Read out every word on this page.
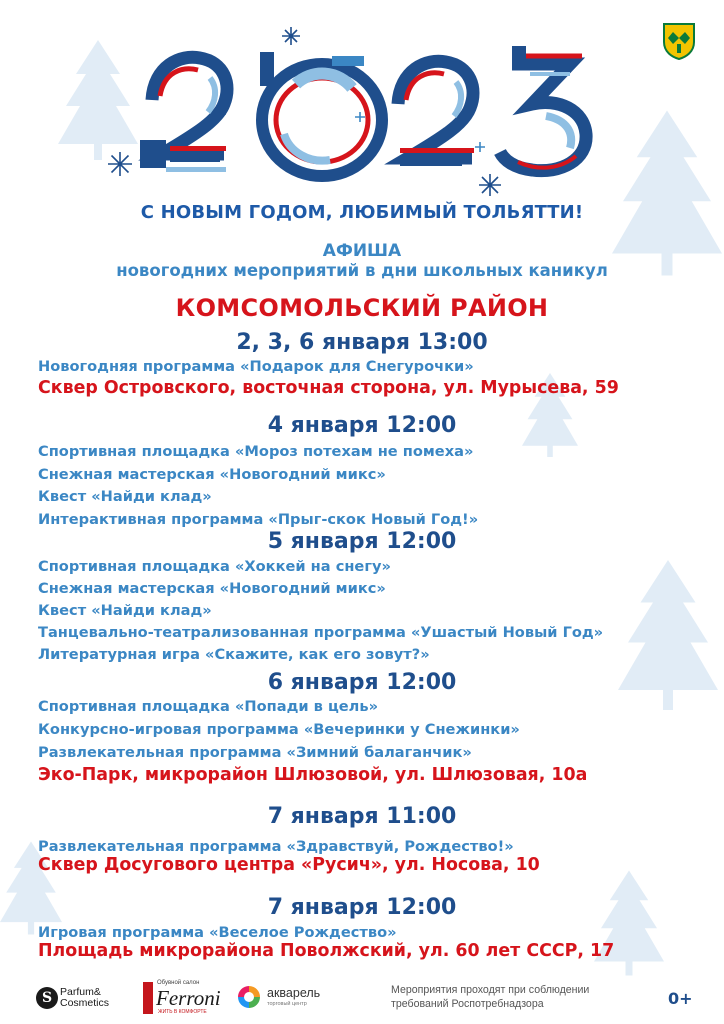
С НОВЫМ ГОДОМ, ЛЮБИМЫЙ ТОЛЬЯТТИ!
АФИША
новогодних мероприятий в дни школьных каникул
КОМСОМОЛЬСКИЙ РАЙОН
2, 3, 6 января 13:00
Новогодняя программа «Подарок для Снегурочки»
Сквер Островского, восточная сторона, ул. Мурысева, 59
4 января 12:00
Спортивная площадка «Мороз потехам не помеха»
Снежная мастерская «Новогодний микс»
Квест «Найди клад»
Интерактивная программа «Прыг-скок Новый Год!»
5 января 12:00
Спортивная площадка «Хоккей на снегу»
Снежная мастерская «Новогодний микс»
Квест «Найди клад»
Танцевально-театрализованная программа «Ушастый Новый Год»
Литературная игра «Скажите, как его зовут?»
6 января 12:00
Спортивная площадка «Попади в цель»
Конкурсно-игровая программа «Вечеринки у Снежинки»
Развлекательная программа «Зимний балаганчик»
Эко-Парк, микрорайон Шлюзовой, ул. Шлюзовая, 10а
7 января 11:00
Развлекательная программа «Здравствуй, Рождество!»
Сквер Досугового центра «Русич», ул. Носова, 10
7 января 12:00
Игровая программа «Веселое Рождество»
Площадь микрорайона Поволжский, ул. 60 лет СССР, 17
S Parfum&
Cosmetics
Обувной салон
Ferroni
ЖИТЬ В КОМФОРТЕ
акварель
торговый центр
Мероприятия проходят при соблюдении
требований Роспотребнадзора	0+
